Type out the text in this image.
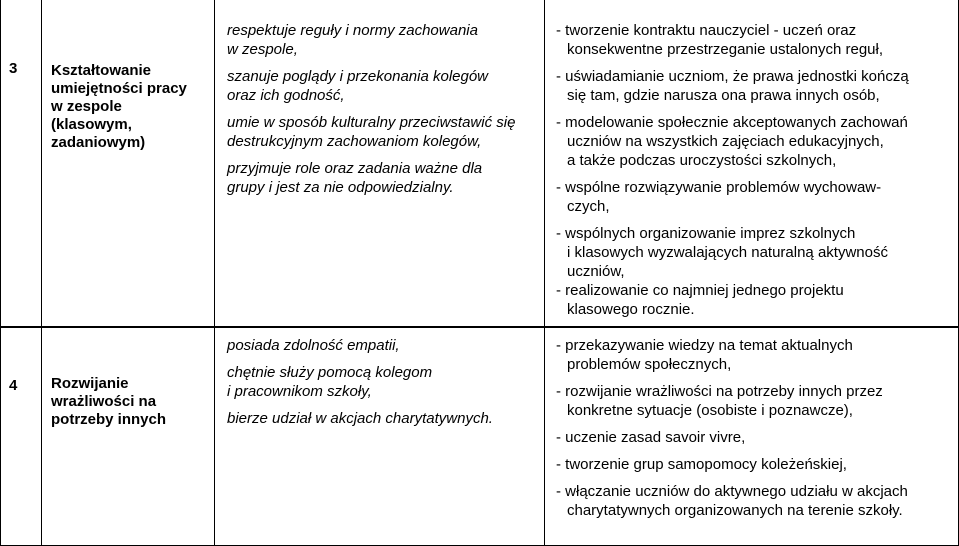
3 Kształtowanie
umiejętności pracy
w zespole
(klasowym,
zadaniowym)

respektuje reguły i normy zachowania
w zespole,

szanuje poglądy i przekonania kolegów
oraz ich godność,

umie w sposób kulturalny przeciwstawić się
destrukcyjnym zachowaniom kolegów,

przyjmuje role oraz zadania ważne dla
grupy i jest za nie odpowiedzialny.

- tworzenie kontraktu nauczyciel - uczeń oraz

konsekwentne przestrzeganie ustalonych reguł,

- uświadamianie uczniom, że prawa jednostki kończą

się tam, gdzie narusza ona prawa innych osób,

- modelowanie społecznie akceptowanych zachowań

uczniów na wszystkich zajęciach edukacyjnych,

a także podczas uroczystości szkolnych,

- wspólne rozwiązywanie problemów wychowaw-

czych,

- wspólnych organizowanie imprez szkolnych

i klasowych wyzwalających naturalną aktywność

uczniów,

- realizowanie co najmniej jednego projektu

klasowego rocznie.

4 Rozwijanie
wrażliwości na
potrzeby innych

posiada zdolność empatii,

chętnie służy pomocą kolegom
i pracownikom szkoły,

bierze udział w akcjach charytatywnych.

- przekazywanie wiedzy na temat aktualnych

problemów społecznych,

- rozwijanie wrażliwości na potrzeby innych przez

konkretne sytuacje (osobiste i poznawcze),

- uczenie zasad savoir vivre,

- tworzenie grup samopomocy koleżeńskiej,

- włączanie uczniów do aktywnego udziału w akcjach

charytatywnych organizowanych na terenie szkoły.
